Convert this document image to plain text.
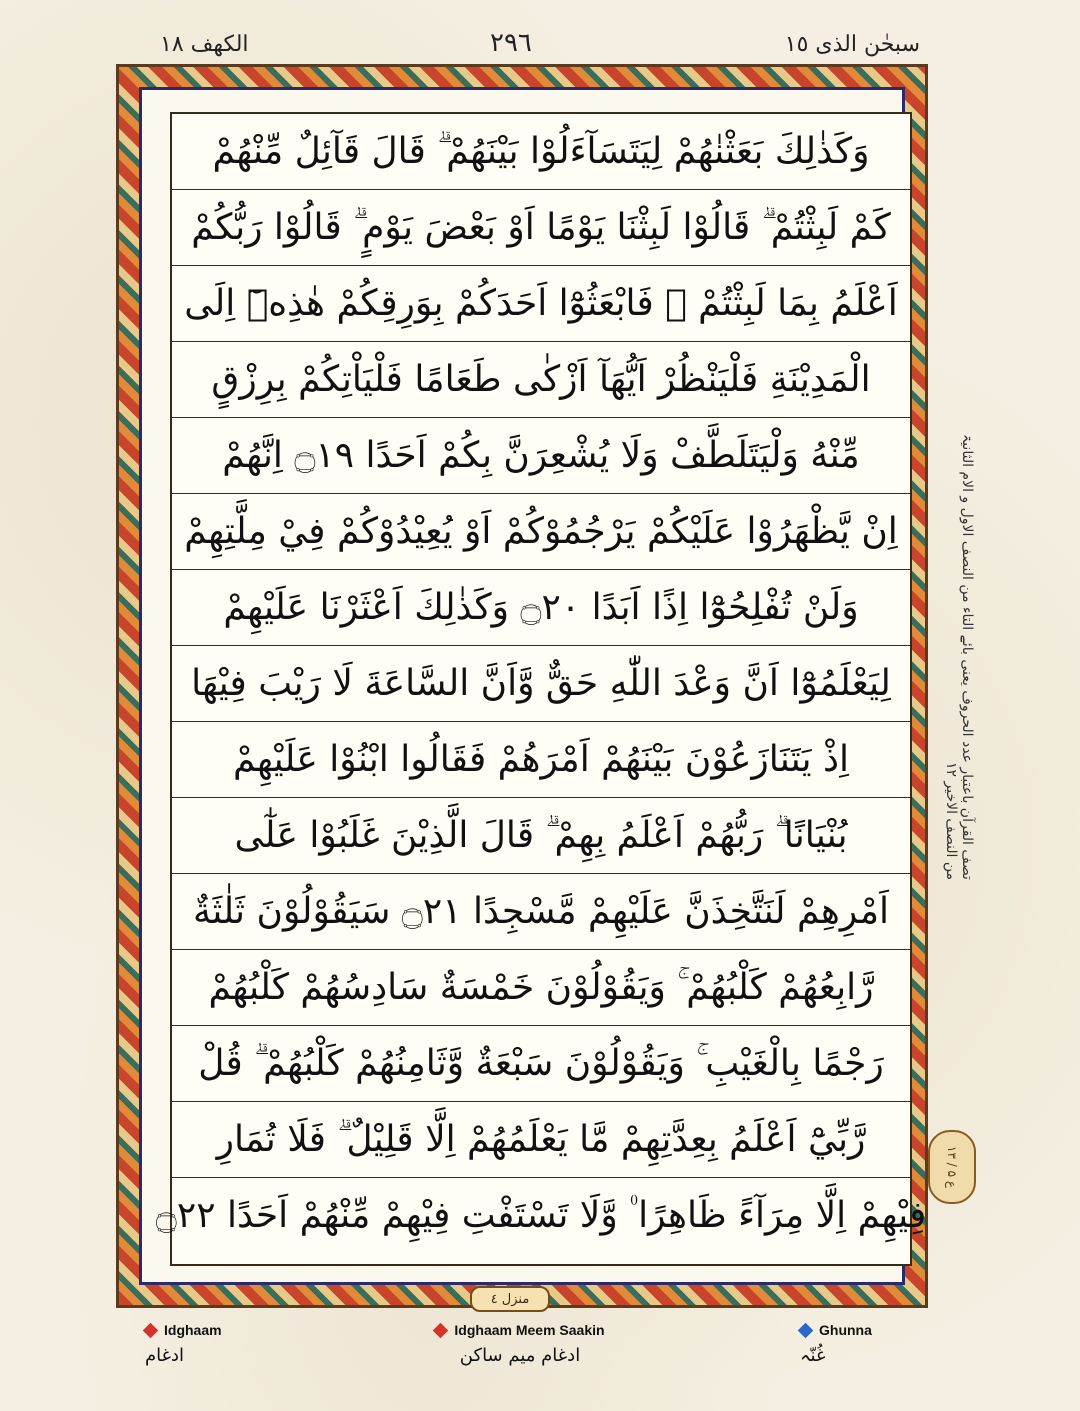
الكهف ١٨	٢٩٦	سبحٰن الذی ١٥
وَكَذٰلِكَ بَعَثْنٰهُمْ لِيَتَسَآءَلُوْا بَيْنَهُمْ ۗ قَالَ قَآئِلٌ مِّنْهُمْ
كَمْ لَبِثْتُمْ ۗ قَالُوْا لَبِثْنَا يَوْمًا اَوْ بَعْضَ يَوْمٍ ۗ قَالُوْا رَبُّكُمْ
اَعْلَمُ بِمَا لَبِثْتُمْ ۗ فَابْعَثُوْٓا اَحَدَكُمْ بِوَرِقِكُمْ هٰذِهٖٓ اِلَى
الْمَدِيْنَةِ فَلْيَنْظُرْ اَيُّهَآ اَزْكٰى طَعَامًا فَلْيَاْتِكُمْ بِرِزْقٍ
مِّنْهُ وَلْيَتَلَطَّفْ وَلَا يُشْعِرَنَّ بِكُمْ اَحَدًا ۝١٩ اِنَّهُمْ
اِنْ يَّظْهَرُوْا عَلَيْكُمْ يَرْجُمُوْكُمْ اَوْ يُعِيْدُوْكُمْ فِيْ مِلَّتِهِمْ
وَلَنْ تُفْلِحُوْٓا اِذًا اَبَدًا ۝٢٠ وَكَذٰلِكَ اَعْثَرْنَا عَلَيْهِمْ
لِيَعْلَمُوْٓا اَنَّ وَعْدَ اللّٰهِ حَقٌّ وَّاَنَّ السَّاعَةَ لَا رَيْبَ فِيْهَا
اِذْ يَتَنَازَعُوْنَ بَيْنَهُمْ اَمْرَهُمْ فَقَالُوا ابْنُوْا عَلَيْهِمْ
بُنْيَانًا ۗ رَبُّهُمْ اَعْلَمُ بِهِمْ ۗ قَالَ الَّذِيْنَ غَلَبُوْا عَلٰٓى
اَمْرِهِمْ لَنَتَّخِذَنَّ عَلَيْهِمْ مَّسْجِدًا ۝٢١ سَيَقُوْلُوْنَ ثَلٰثَةٌ
رَّابِعُهُمْ كَلْبُهُمْ ۚ وَيَقُوْلُوْنَ خَمْسَةٌ سَادِسُهُمْ كَلْبُهُمْ
رَجْمًا بِالْغَيْبِ ۚ وَيَقُوْلُوْنَ سَبْعَةٌ وَّثَامِنُهُمْ كَلْبُهُمْ ۗ قُلْ
رَّبِّيْٓ اَعْلَمُ بِعِدَّتِهِمْ مَّا يَعْلَمُهُمْ اِلَّا قَلِيْلٌ ۗ فَلَا تُمَارِ
فِيْهِمْ اِلَّا مِرَآءً ظَاهِرًا ۠ وَّلَا تَسْتَفْتِ فِيْهِمْ مِّنْهُمْ اَحَدًا ۝٢٢
تصف القرآن باعتبار عدد الحروف یعنی بائے التاء من النصف الاول و الام الثانیۃ من النصف الاخیر ۱۲
ع ۵ / ۱۳
منزل ٤
Idghaam
ادغام
Idghaam Meem Saakin
ادغام میم ساکن
Ghunna
غُنّہ
